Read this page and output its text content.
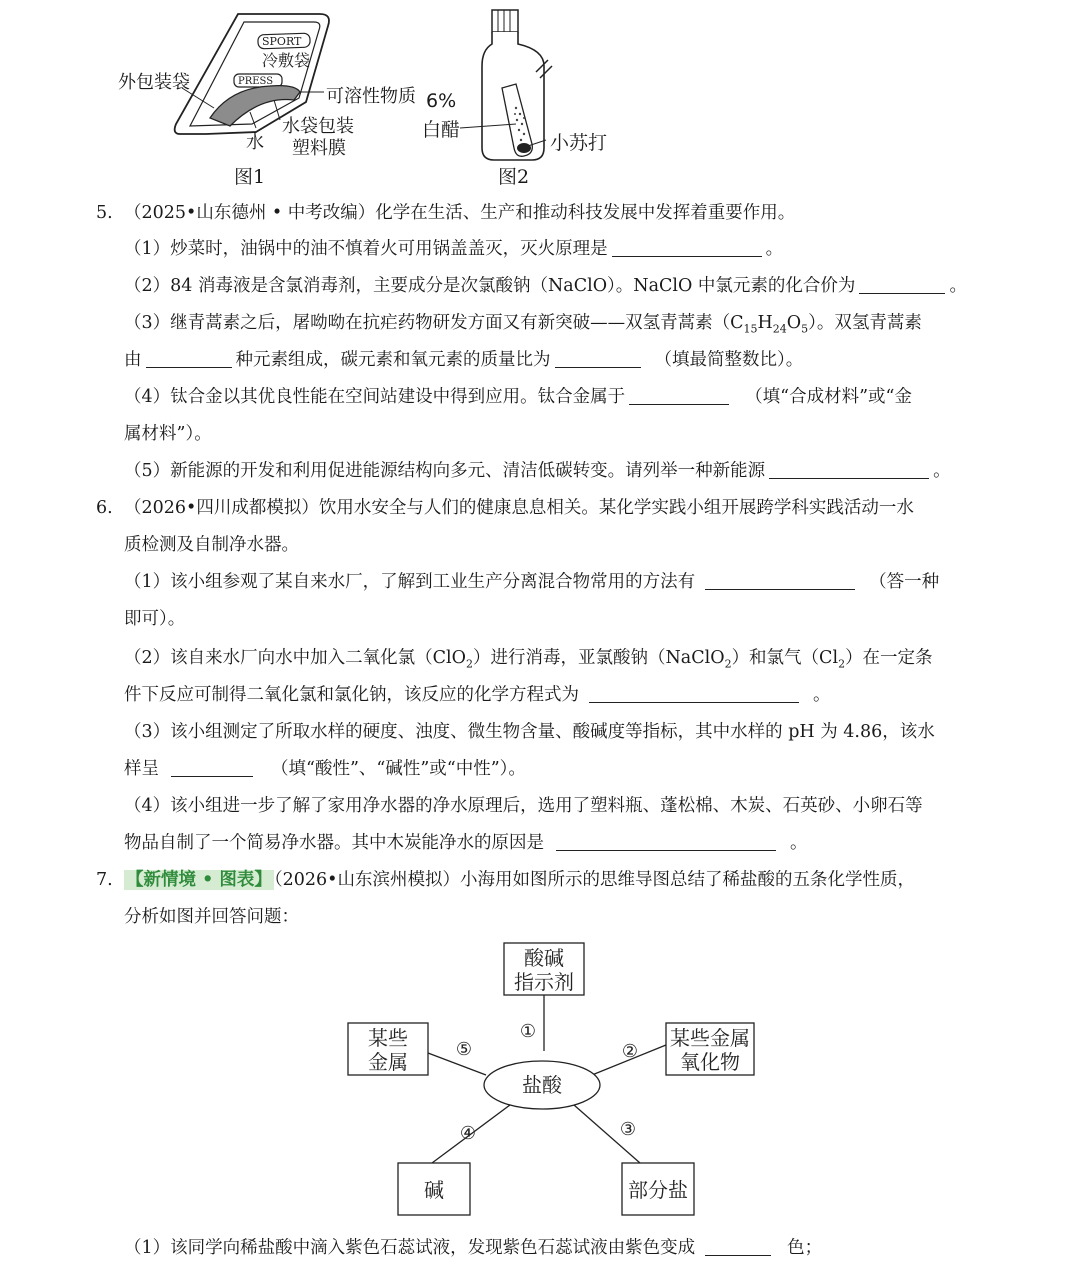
SPORT
冷敷袋
PRESS
外包装袋
可溶性物质
水
水袋包装
塑料膜
图1
6%
白醋
小苏打
图2
5. （2025•山东德州 • 中考改编）化学在生活、生产和推动科技发展中发挥着重要作用。
（1）炒菜时，油锅中的油不慎着火可用锅盖盖灭，灭火原理是	。
（2）84 消毒液是含氯消毒剂，主要成分是次氯酸钠（NaClO）。NaClO 中氯元素的化合价为	。
（3）继青蒿素之后，屠呦呦在抗疟药物研发方面又有新突破——双氢青蒿素$(C_{15}H_{24}O_5)$。双氢青蒿素
由	种元素组成，碳元素和氧元素的质量比为	（填最简整数比）。
（4）钛合金以其优良性能在空间站建设中得到应用。钛合金属于	（填“合成材料”或“金
属材料”）。
（5）新能源的开发和利用促进能源结构向多元、清洁低碳转变。请列举一种新能源	。
6. （2026•四川成都模拟）饮用水安全与人们的健康息息相关。某化学实践小组开展跨学科实践活动一水
质检测及自制净水器。
（1）该小组参观了某自来水厂，了解到工业生产分离混合物常用的方法有	（答一种
即可）。
（2）该自来水厂向水中加入二氧化氯（ClO$_2$）进行消毒，亚氯酸钠（NaClO$_2$）和氯气$(Cl_2)$在一定条
件下反应可制得二氧化氯和氯化钠，该反应的化学方程式为	。
（3）该小组测定了所取水样的硬度、浊度、微生物含量、酸碱度等指标，其中水样的 pH 为 4.86，该水
样呈	（填“酸性”、“碱性”或“中性”）。
（4）该小组进一步了解了家用净水器的净水原理后，选用了塑料瓶、蓬松棉、木炭、石英砂、小卵石等
物品自制了一个简易净水器。其中木炭能净水的原因是	。
7. 【新情境 • 图表】 （2026•山东滨州模拟）小海用如图所示的思维导图总结了稀盐酸的五条化学性质，
分析如图并回答问题：
酸碱
指示剂
某些金属
氧化物
部分盐
碱
某些
金属
盐酸
①
②
③
④
⑤
（1）该同学向稀盐酸中滴入紫色石蕊试液，发现紫色石蕊试液由紫色变成	色；
